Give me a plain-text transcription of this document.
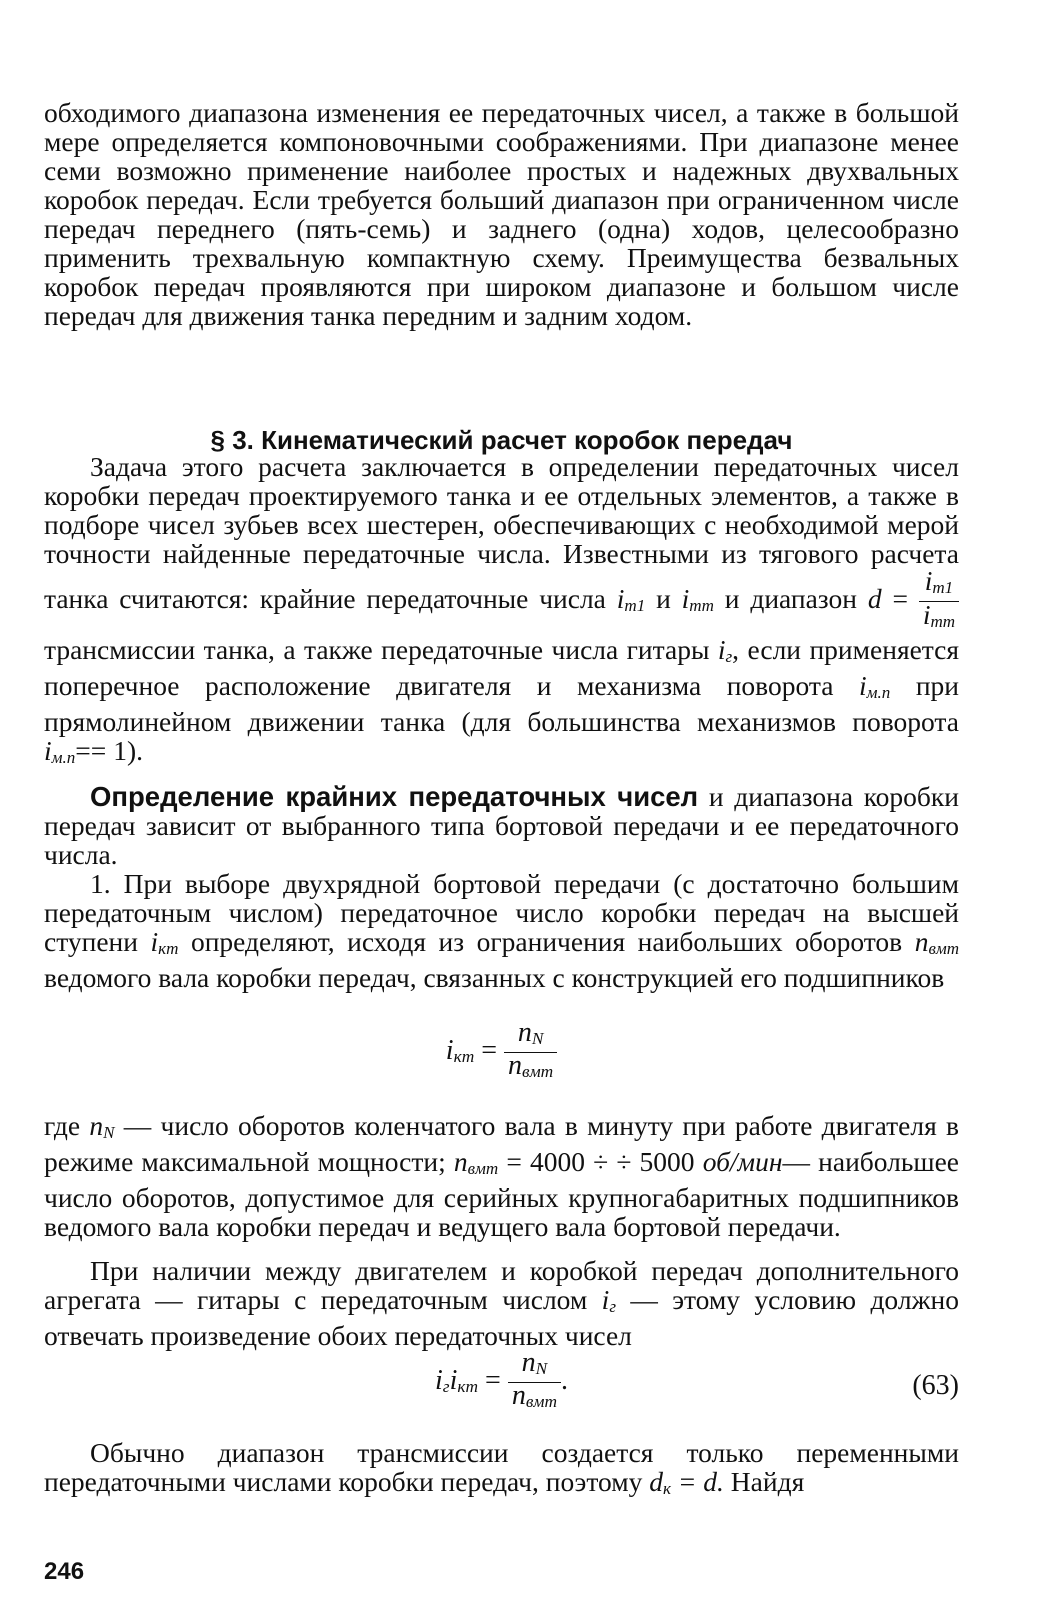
обходимого диапазона изменения ее передаточных чисел, а также в большой мере определяется компоновочными соображениями. При диапазоне менее семи возможно применение наиболее простых и надежных двухвальных коробок передач. Если требуется больший диапазон при ограниченном числе передач переднего (пять-семь) и заднего (одна) ходов, целесообразно применить трехвальную компактную схему. Преимущества безвальных коробок передач проявляются при широком диапазоне и большом числе передач для движения танка передним и задним ходом.

§ 3. Кинематический расчет коробок передач

Задача этого расчета заключается в определении передаточных чисел коробки передач проектируемого танка и ее отдельных элементов, а также в подборе чисел зубьев всех шестерен, обеспечивающих с необходимой мерой точности найденные передаточные числа. Известными из тягового расчета танка считаются: крайние передаточные числа $i_{т1}$ и $i_{тm}$ и диапазон $d = \frac{i_{т1}}{i_{тm}}$
трансмиссии танка, а также передаточные числа гитары $i_г$, если применяется поперечное расположение двигателя и механизма поворота $i_{м.п}$ при прямолинейном движении танка (для большинства механизмов поворота $i_{м.п}== 1$).

Определение крайних передаточных чисел и диапазона коробки передач зависит от выбранного типа бортовой передачи и ее передаточного числа.

1. При выборе двухрядной бортовой передачи (с достаточно большим передаточным числом) передаточное число коробки передач на высшей ступени $i_{кm}$ определяют, исходя из ограничения наибольших оборотов $n_{вмm}$ ведомого вала коробки передач, связанных с конструкцией его подшипников

$i_{кm} = \frac{n_N}{n_{вмm}}$

где $n_N$ — число оборотов коленчатого вала в минуту при работе двигателя в режиме максимальной мощности; $n_{вмm} = 4000$ ÷ ÷ 5000 об/мин— наибольшее число оборотов, допустимое для серийных крупногабаритных подшипников ведомого вала коробки передач и ведущего вала бортовой передачи.

При наличии между двигателем и коробкой передач дополнительного агрегата — гитары с передаточным числом $i_г$ — этому условию должно отвечать произведение обоих передаточных чисел

$i_гi_{кm} = \frac{n_N}{n_{вмm}}$ .	(63)

Обычно диапазон трансмиссии создается только переменными передаточными числами коробки передач, поэтому $d_к = d$. Найдя

246
